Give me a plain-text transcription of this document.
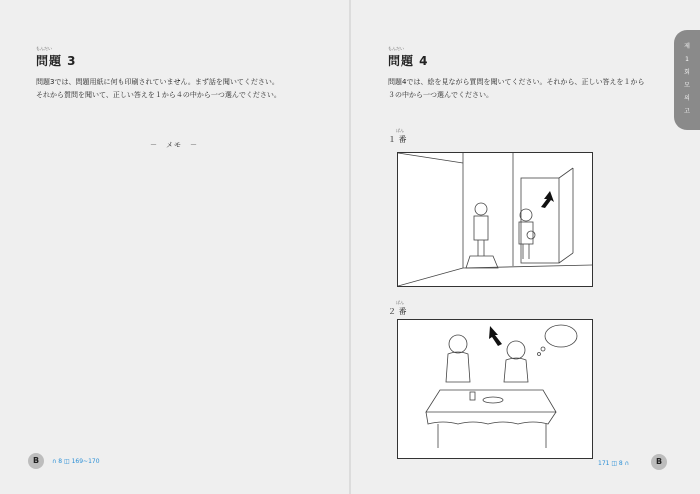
もんだい
問題 3
問題3では、問題用紙に何も印刷されていません。まず話を聞いてください。
それから質問を聞いて、正しい答えを１から４の中から一つ選んでください。
－　メモ　－
B	∩ 8 ◫ 169~170
もんだい
問題 4
問題4では、絵を見ながら質問を聞いてください。それから、正しい答えを１から
３の中から一つ選んでください。
ばん
１ 番
ばん
２ 番
171 ◫ 8 ∩	B
제
1
회
모
의
고
